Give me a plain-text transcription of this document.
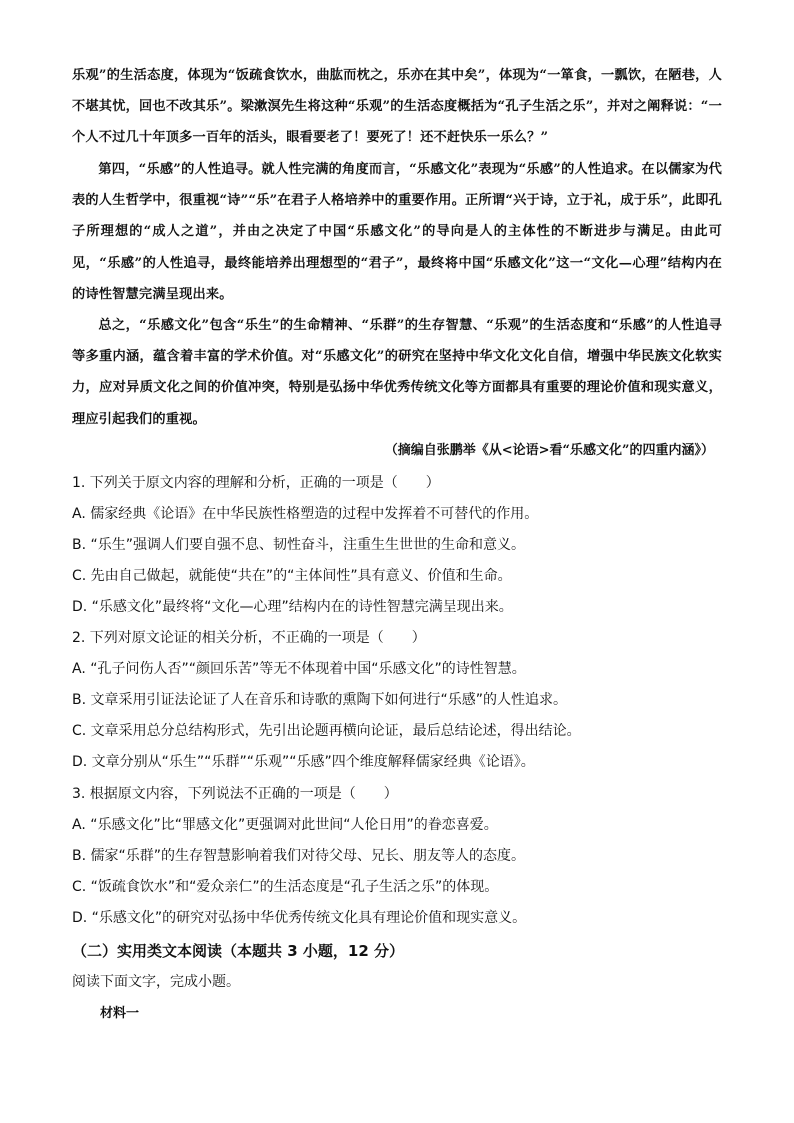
乐观”的生活态度，体现为“饭疏食饮水，曲肱而枕之，乐亦在其中矣”，体现为“一箪食，一瓢饮，在陋巷，人不堪其忧，回也不改其乐”。梁漱溟先生将这种“乐观”的生活态度概括为“孔子生活之乐”，并对之阐释说：“一个人不过几十年顶多一百年的活头，眼看要老了！要死了！还不赶快乐一乐么？”
第四，“乐感”的人性追寻。就人性完满的角度而言，“乐感文化”表现为“乐感”的人性追求。在以儒家为代表的人生哲学中，很重视“诗”“乐”在君子人格培养中的重要作用。正所谓“兴于诗，立于礼，成于乐”，此即孔子所理想的“成人之道”，并由之决定了中国“乐感文化”的导向是人的主体性的不断进步与满足。由此可见，“乐感”的人性追寻，最终能培养出理想型的“君子”，最终将中国“乐感文化”这一“文化—心理”结构内在的诗性智慧完满呈现出来。
总之，“乐感文化”包含“乐生”的生命精神、“乐群”的生存智慧、“乐观”的生活态度和“乐感”的人性追寻等多重内涵，蕴含着丰富的学术价值。对“乐感文化”的研究在坚持中华文化文化自信，增强中华民族文化软实力，应对异质文化之间的价值冲突，特别是弘扬中华优秀传统文化等方面都具有重要的理论价值和现实意义，理应引起我们的重视。
（摘编自张鹏举《从<论语>看“乐感文化”的四重内涵》）
1. 下列关于原文内容的理解和分析，正确的一项是（　　）
A. 儒家经典《论语》在中华民族性格塑造的过程中发挥着不可替代的作用。
B. “乐生”强调人们要自强不息、韧性奋斗，注重生生世世的生命和意义。
C. 先由自己做起，就能使“共在”的“主体间性”具有意义、价值和生命。
D. “乐感文化”最终将“文化—心理”结构内在的诗性智慧完满呈现出来。
2. 下列对原文论证的相关分析，不正确的一项是（　　）
A. “孔子问伤人否”“颜回乐苦”等无不体现着中国“乐感文化”的诗性智慧。
B. 文章采用引证法论证了人在音乐和诗歌的熏陶下如何进行“乐感”的人性追求。
C. 文章采用总分总结构形式，先引出论题再横向论证，最后总结论述，得出结论。
D. 文章分别从“乐生”“乐群”“乐观”“乐感”四个维度解释儒家经典《论语》。
3. 根据原文内容，下列说法不正确的一项是（　　）
A. “乐感文化”比“罪感文化”更强调对此世间“人伦日用”的眷恋喜爱。
B. 儒家“乐群”的生存智慧影响着我们对待父母、兄长、朋友等人的态度。
C. “饭疏食饮水”和“爱众亲仁”的生活态度是“孔子生活之乐”的体现。
D. “乐感文化”的研究对弘扬中华优秀传统文化具有理论价值和现实意义。
（二）实用类文本阅读（本题共 3 小题，12 分）
阅读下面文字，完成小题。
材料一
